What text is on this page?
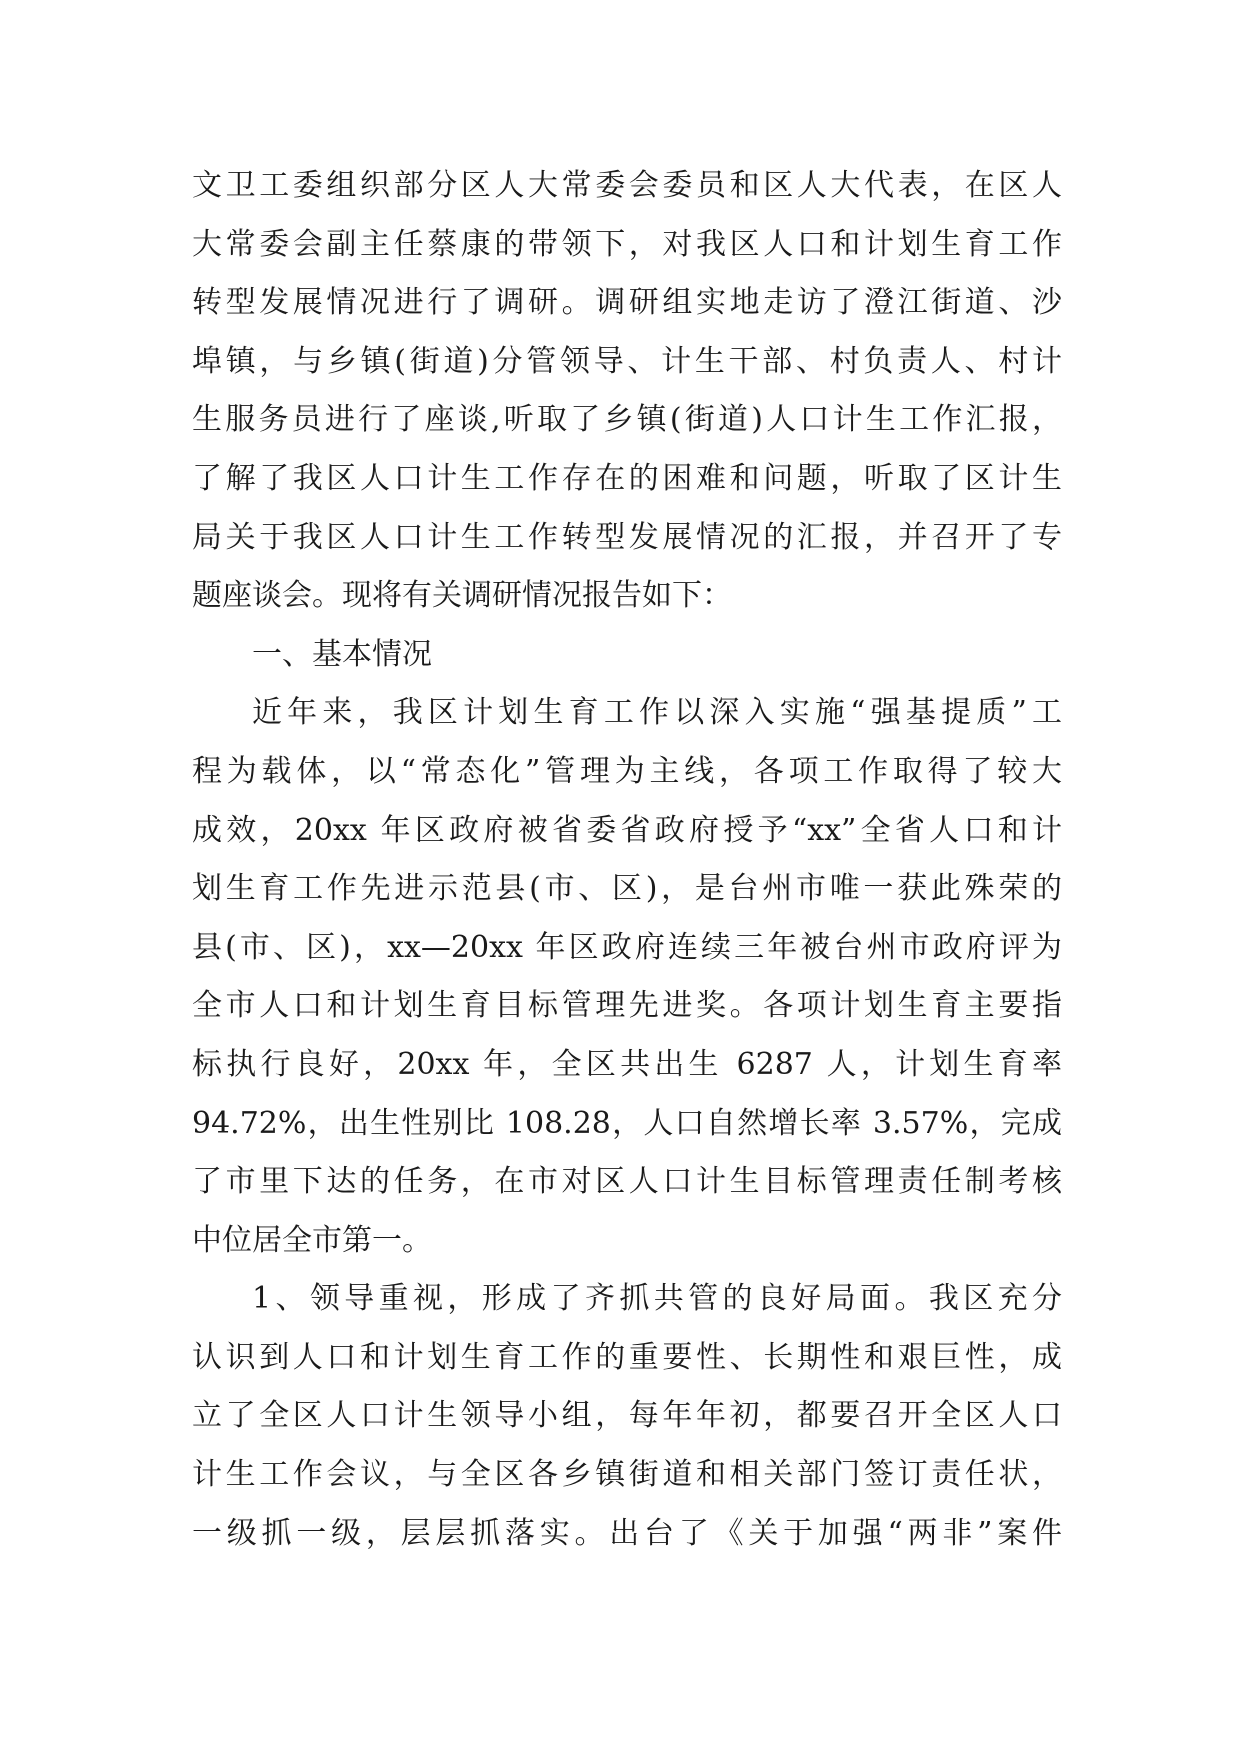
文卫工委组织部分区人大常委会委员和区人大代表，在区人
大常委会副主任蔡康的带领下，对我区人口和计划生育工作
转型发展情况进行了调研。调研组实地走访了澄江街道、沙
埠镇，与乡镇(街道)分管领导、计生干部、村负责人、村计
生服务员进行了座谈,听取了乡镇(街道)人口计生工作汇报，
了解了我区人口计生工作存在的困难和问题，听取了区计生
局关于我区人口计生工作转型发展情况的汇报，并召开了专
题座谈会。现将有关调研情况报告如下：
一、基本情况
近年来，我区计划生育工作以深入实施“强基提质”工
程为载体，以“常态化”管理为主线，各项工作取得了较大
成效，20xx 年区政府被省委省政府授予“xx”全省人口和计
划生育工作先进示范县(市、区)，是台州市唯一获此殊荣的
县(市、区)，xx—20xx 年区政府连续三年被台州市政府评为
全市人口和计划生育目标管理先进奖。各项计划生育主要指
标执行良好，20xx 年，全区共出生 6287 人，计划生育率
94.72%，出生性别比 108.28，人口自然增长率 3.57%，完成
了市里下达的任务，在市对区人口计生目标管理责任制考核
中位居全市第一。
1、领导重视，形成了齐抓共管的良好局面。我区充分
认识到人口和计划生育工作的重要性、长期性和艰巨性，成
立了全区人口计生领导小组，每年年初，都要召开全区人口
计生工作会议，与全区各乡镇街道和相关部门签订责任状，
一级抓一级，层层抓落实。出台了《关于加强“两非”案件
